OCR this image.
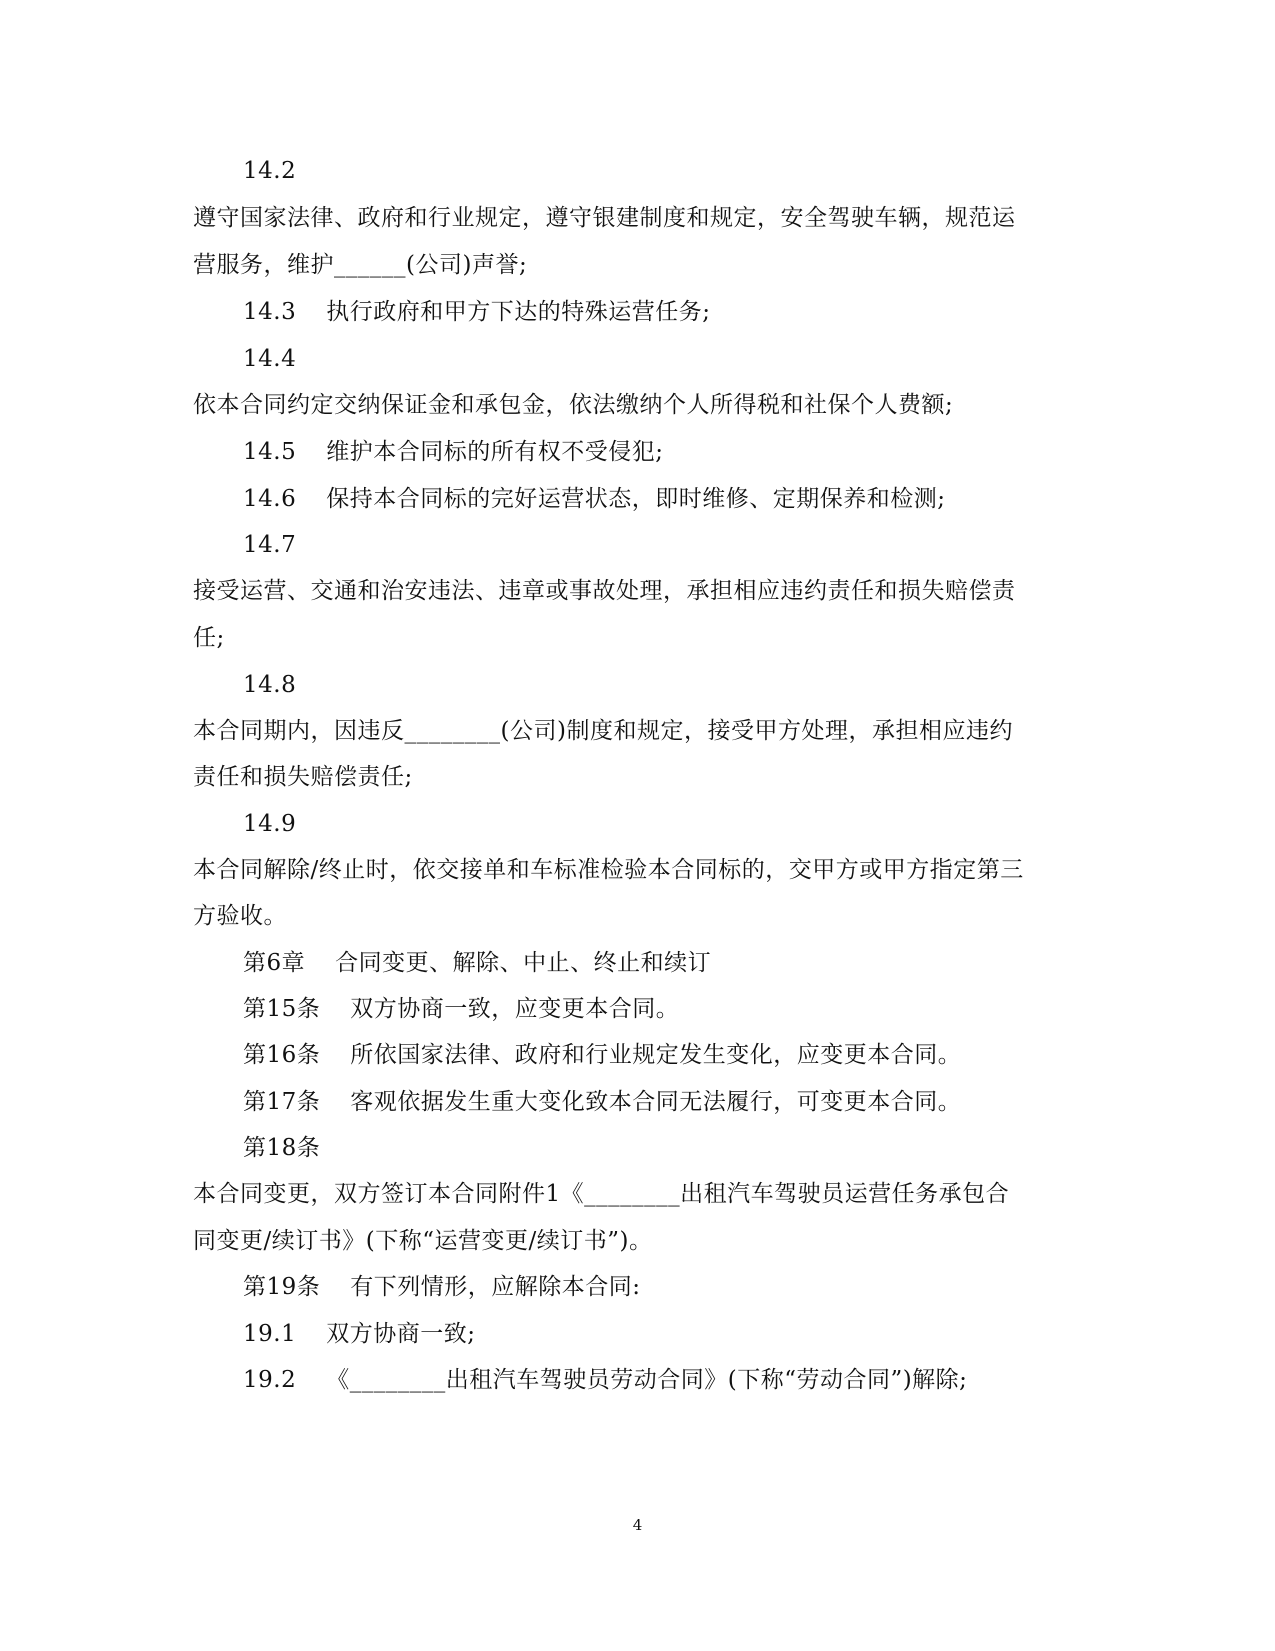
14.2
遵守国家法律、政府和行业规定，遵守银建制度和规定，安全驾驶车辆，规范运
营服务，维护______(公司)声誉;
14.3 执行政府和甲方下达的特殊运营任务;
14.4
依本合同约定交纳保证金和承包金，依法缴纳个人所得税和社保个人费额;
14.5 维护本合同标的所有权不受侵犯;
14.6 保持本合同标的完好运营状态，即时维修、定期保养和检测;
14.7
接受运营、交通和治安违法、违章或事故处理，承担相应违约责任和损失赔偿责
任;
14.8
本合同期内，因违反________(公司)制度和规定，接受甲方处理，承担相应违约
责任和损失赔偿责任;
14.9
本合同解除/终止时，依交接单和车标准检验本合同标的，交甲方或甲方指定第三
方验收。
第6章 合同变更、解除、中止、终止和续订
第15条 双方协商一致，应变更本合同。
第16条 所依国家法律、政府和行业规定发生变化，应变更本合同。
第17条 客观依据发生重大变化致本合同无法履行，可变更本合同。
第18条
本合同变更，双方签订本合同附件1《________出租汽车驾驶员运营任务承包合
同变更/续订书》(下称“运营变更/续订书”)。
第19条 有下列情形，应解除本合同:
19.1 双方协商一致;
19.2 《________出租汽车驾驶员劳动合同》(下称“劳动合同”)解除;
4
